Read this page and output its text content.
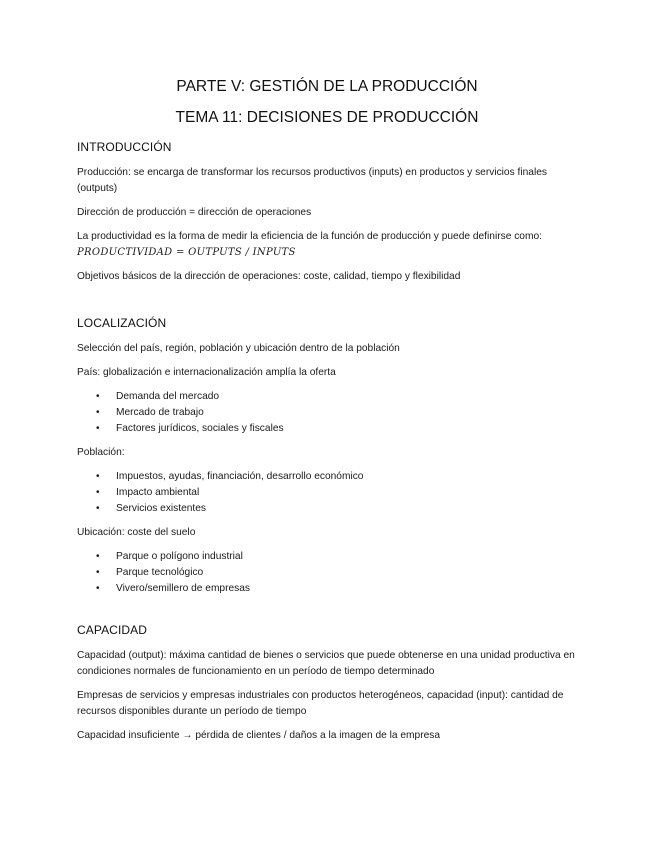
PARTE V: GESTIÓN DE LA PRODUCCIÓN
TEMA 11: DECISIONES DE PRODUCCIÓN
INTRODUCCIÓN

Producción: se encarga de transformar los recursos productivos (inputs) en productos y servicios finales (outputs)

Dirección de producción = dirección de operaciones

La productividad es la forma de medir la eficiencia de la función de producción y puede definirse como:
PRODUCTIVIDAD = OUTPUTS / INPUTS

Objetivos básicos de la dirección de operaciones: coste, calidad, tiempo y flexibilidad

LOCALIZACIÓN

Selección del país, región, población y ubicación dentro de la población

País: globalización e internacionalización amplía la oferta

• Demanda del mercado
• Mercado de trabajo
• Factores jurídicos, sociales y fiscales

Población:

• Impuestos, ayudas, financiación, desarrollo económico
• Impacto ambiental
• Servicios existentes

Ubicación: coste del suelo

• Parque o polígono industrial
• Parque tecnológico
• Vivero/semillero de empresas
CAPACIDAD

Capacidad (output): máxima cantidad de bienes o servicios que puede obtenerse en una unidad productiva en condiciones normales de funcionamiento en un período de tiempo determinado

Empresas de servicios y empresas industriales con productos heterogéneos, capacidad (input): cantidad de recursos disponibles durante un período de tiempo

Capacidad insuficiente → pérdida de clientes / daños a la imagen de la empresa
